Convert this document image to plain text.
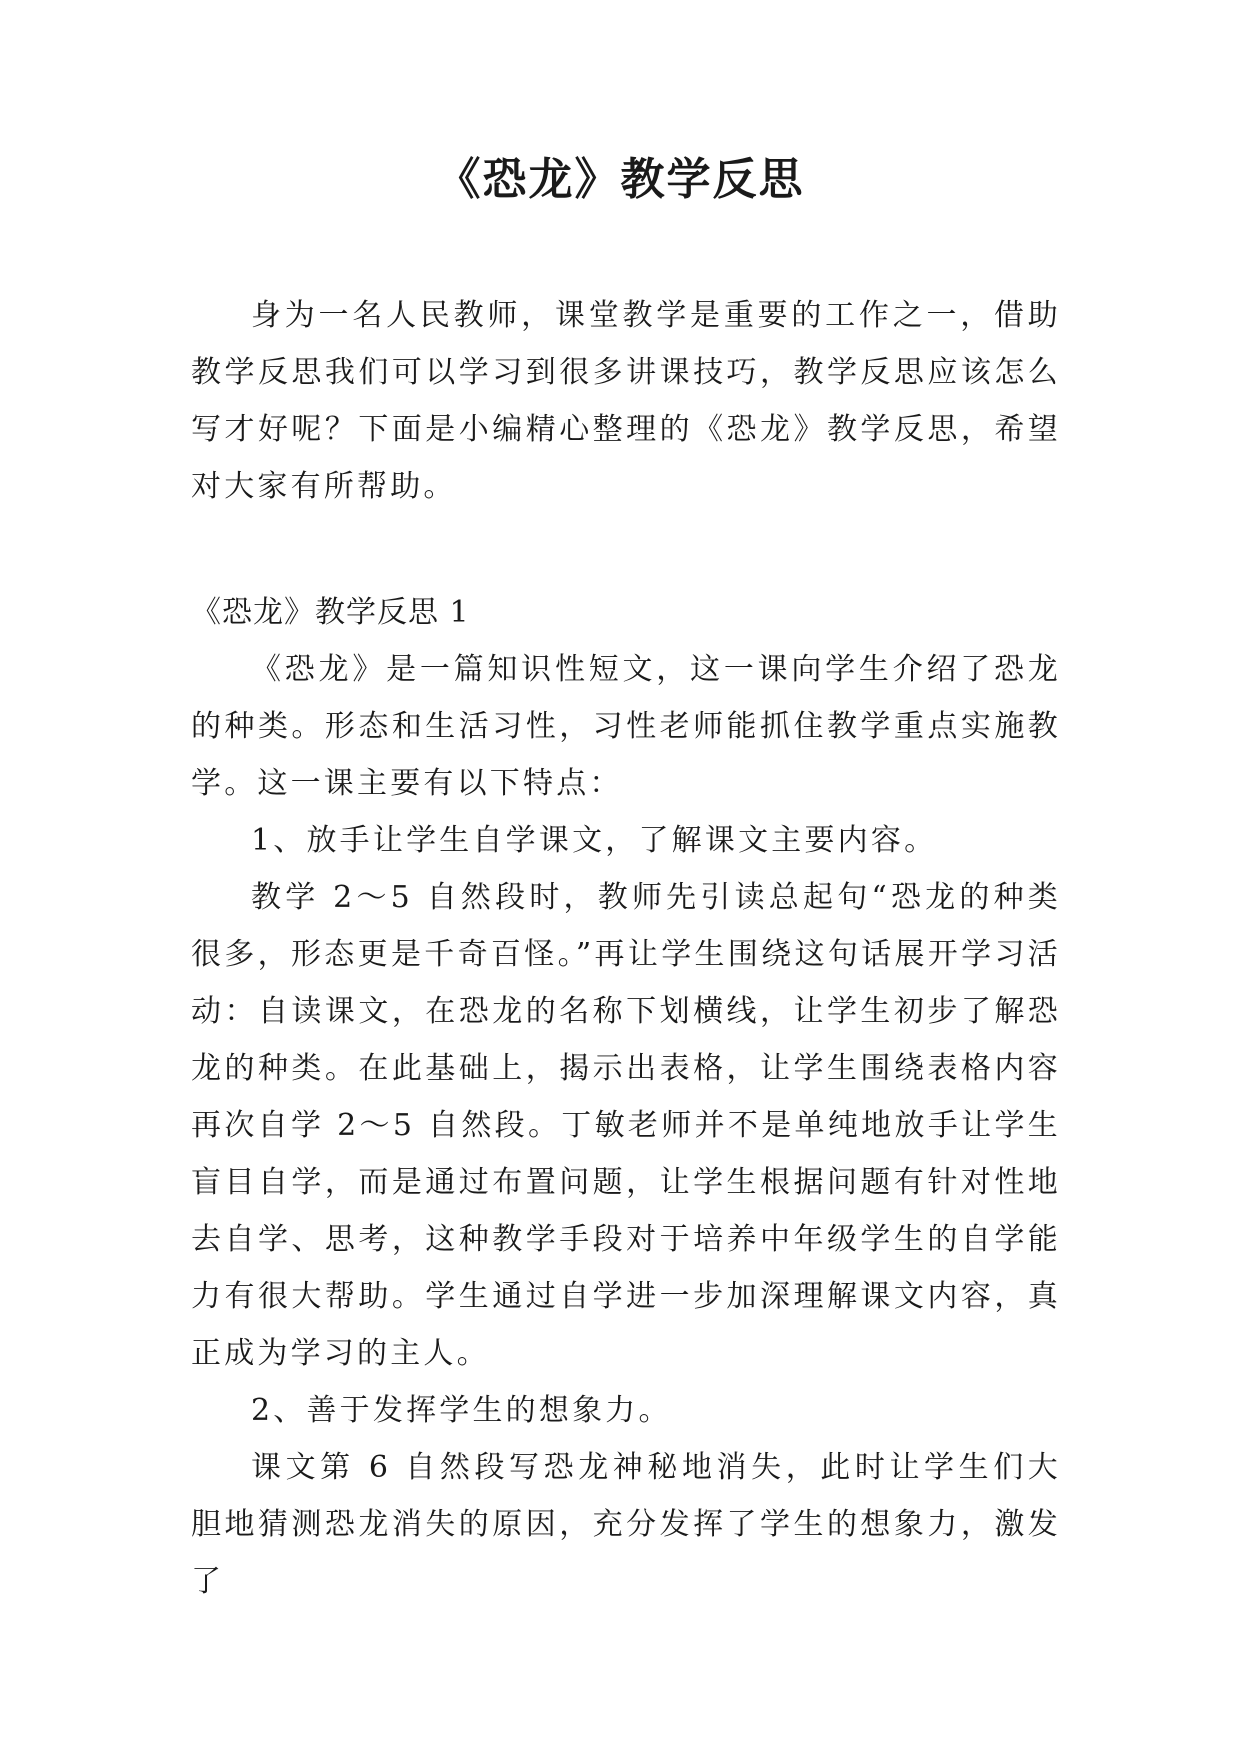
《恐龙》教学反思

身为一名人民教师，课堂教学是重要的工作之一，借助教学反思我们可以学习到很多讲课技巧，教学反思应该怎么写才好呢？下面是小编精心整理的《恐龙》教学反思，希望对大家有所帮助。

《恐龙》教学反思 1

《恐龙》是一篇知识性短文，这一课向学生介绍了恐龙的种类。形态和生活习性，习性老师能抓住教学重点实施教学。这一课主要有以下特点：

1、放手让学生自学课文，了解课文主要内容。

教学 2～5 自然段时，教师先引读总起句“恐龙的种类很多，形态更是千奇百怪。”再让学生围绕这句话展开学习活动：自读课文，在恐龙的名称下划横线，让学生初步了解恐龙的种类。在此基础上，揭示出表格，让学生围绕表格内容再次自学 2～5 自然段。丁敏老师并不是单纯地放手让学生盲目自学，而是通过布置问题，让学生根据问题有针对性地去自学、思考，这种教学手段对于培养中年级学生的自学能力有很大帮助。学生通过自学进一步加深理解课文内容，真正成为学习的主人。

2、善于发挥学生的想象力。

课文第 6 自然段写恐龙神秘地消失，此时让学生们大胆地猜测恐龙消失的原因，充分发挥了学生的想象力，激发了
